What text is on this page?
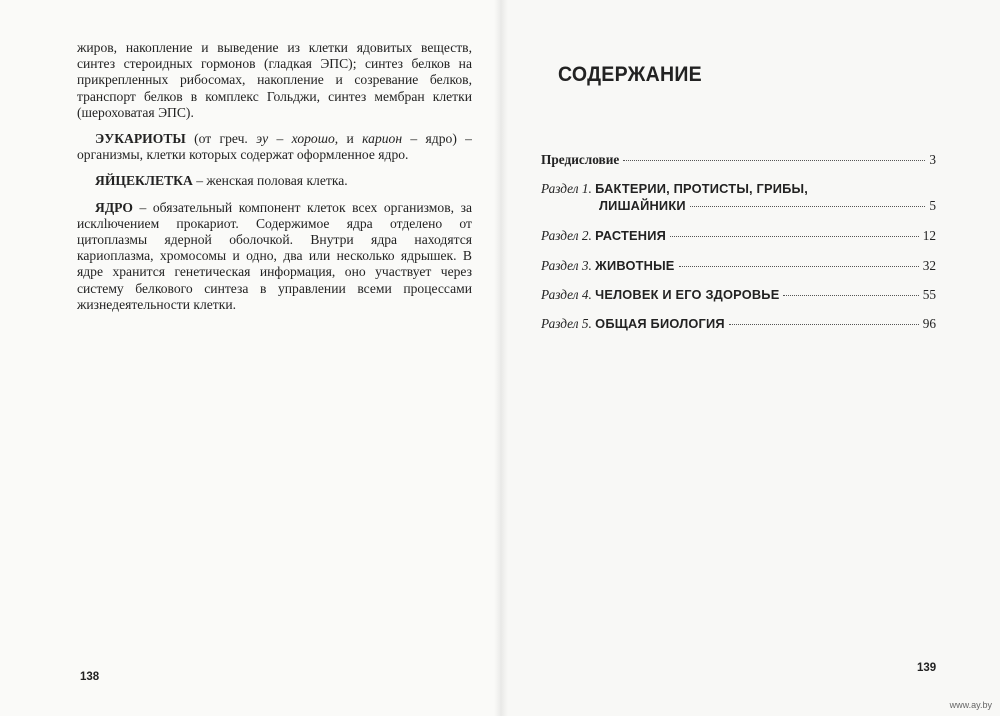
жиров, накопление и выведение из клетки ядовитых веществ, синтез стероидных гормонов (гладкая ЭПС); синтез белков на прикрепленных рибосомах, накопление и созревание белков, транспорт белков в комплекс Гольджи, синтез мембран клетки (шероховатая ЭПС).

ЭУКАРИОТЫ (от греч. эу – хорошо, и карион – ядро) – организмы, клетки которых содержат оформленное ядро.

ЯЙЦЕКЛЕТКА – женская половая клетка.

ЯДРО – обязательный компонент клеток всех организмов, за исклlючением прокариот. Содержимое ядра отделено от цитоплазмы ядерной оболочкой. Внутри ядра находятся кариоплазма, хромосомы и одно, два или несколько ядрышек. В ядре хранится генетическая информация, оно участвует через систему белкового синтеза в управлении всеми процессами жизнедеятельности клетки.

138
СОДЕРЖАНИЕ
Предисловие	3
Раздел 1. БАКТЕРИИ, ПРОТИСТЫ, ГРИБЫ,
ЛИШАЙНИКИ	5
Раздел 2. РАСТЕНИЯ	12
Раздел 3. ЖИВОТНЫЕ	32
Раздел 4. ЧЕЛОВЕК И ЕГО ЗДОРОВЬЕ	55
Раздел 5. ОБЩАЯ БИОЛОГИЯ	96
139
www.ay.by
